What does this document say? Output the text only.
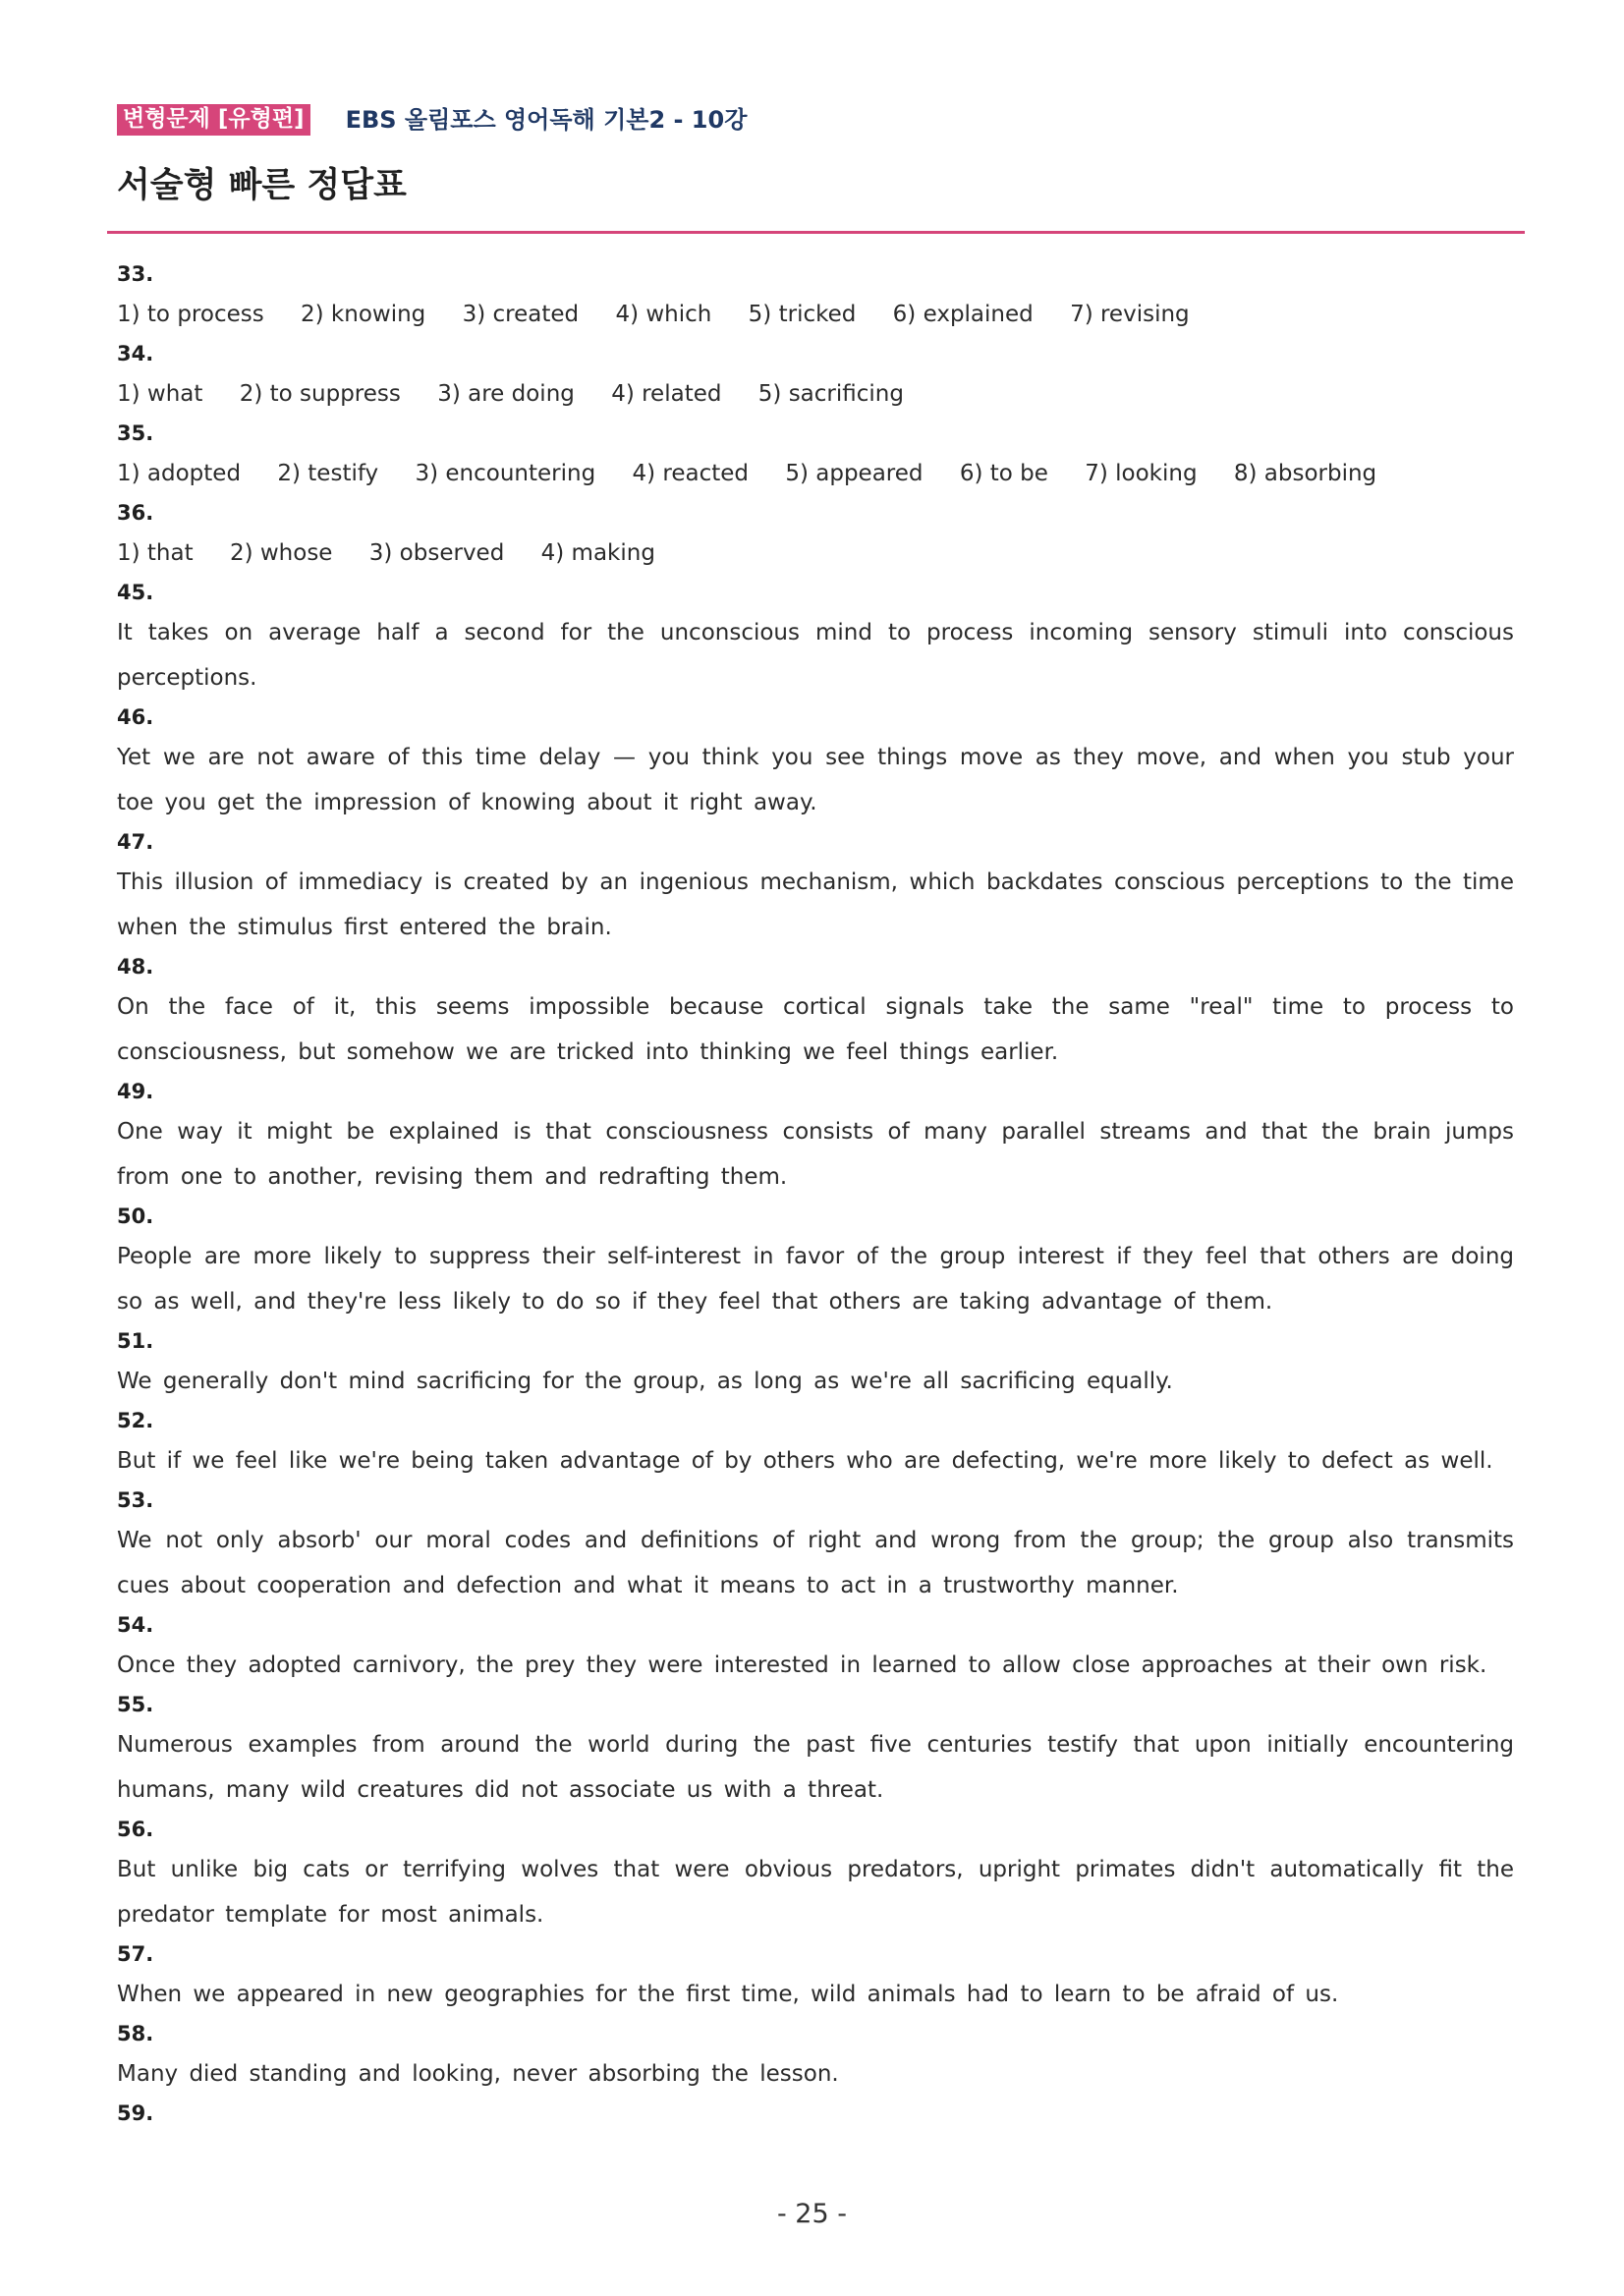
변형문제 [유형편] EBS 올림포스 영어독해 기본2 - 10강
서술형 빠른 정답표
33.
1) to process 2) knowing 3) created 4) which 5) tricked 6) explained 7) revising
34.
1) what 2) to suppress 3) are doing 4) related 5) sacrificing
35.
1) adopted 2) testify 3) encountering 4) reacted 5) appeared 6) to be 7) looking 8) absorbing
36.
1) that 2) whose 3) observed 4) making
45.
It takes on average half a second for the unconscious mind to process incoming sensory stimuli into conscious perceptions.
46.
Yet we are not aware of this time delay — you think you see things move as they move, and when you stub your toe you get the impression of knowing about it right away.
47.
This illusion of immediacy is created by an ingenious mechanism, which backdates conscious perceptions to the time when the stimulus first entered the brain.
48.
On the face of it, this seems impossible because cortical signals take the same "real" time to process to consciousness, but somehow we are tricked into thinking we feel things earlier.
49.
One way it might be explained is that consciousness consists of many parallel streams and that the brain jumps from one to another, revising them and redrafting them.
50.
People are more likely to suppress their self-interest in favor of the group interest if they feel that others are doing so as well, and they're less likely to do so if they feel that others are taking advantage of them.
51.
We generally don't mind sacrificing for the group, as long as we're all sacrificing equally.
52.
But if we feel like we're being taken advantage of by others who are defecting, we're more likely to defect as well.
53.
We not only absorb' our moral codes and definitions of right and wrong from the group; the group also transmits cues about cooperation and defection and what it means to act in a trustworthy manner.
54.
Once they adopted carnivory, the prey they were interested in learned to allow close approaches at their own risk.
55.
Numerous examples from around the world during the past five centuries testify that upon initially encountering humans, many wild creatures did not associate us with a threat.
56.
But unlike big cats or terrifying wolves that were obvious predators, upright primates didn't automatically fit the predator template for most animals.
57.
When we appeared in new geographies for the first time, wild animals had to learn to be afraid of us.
58.
Many died standing and looking, never absorbing the lesson.
59.
- 25 -
